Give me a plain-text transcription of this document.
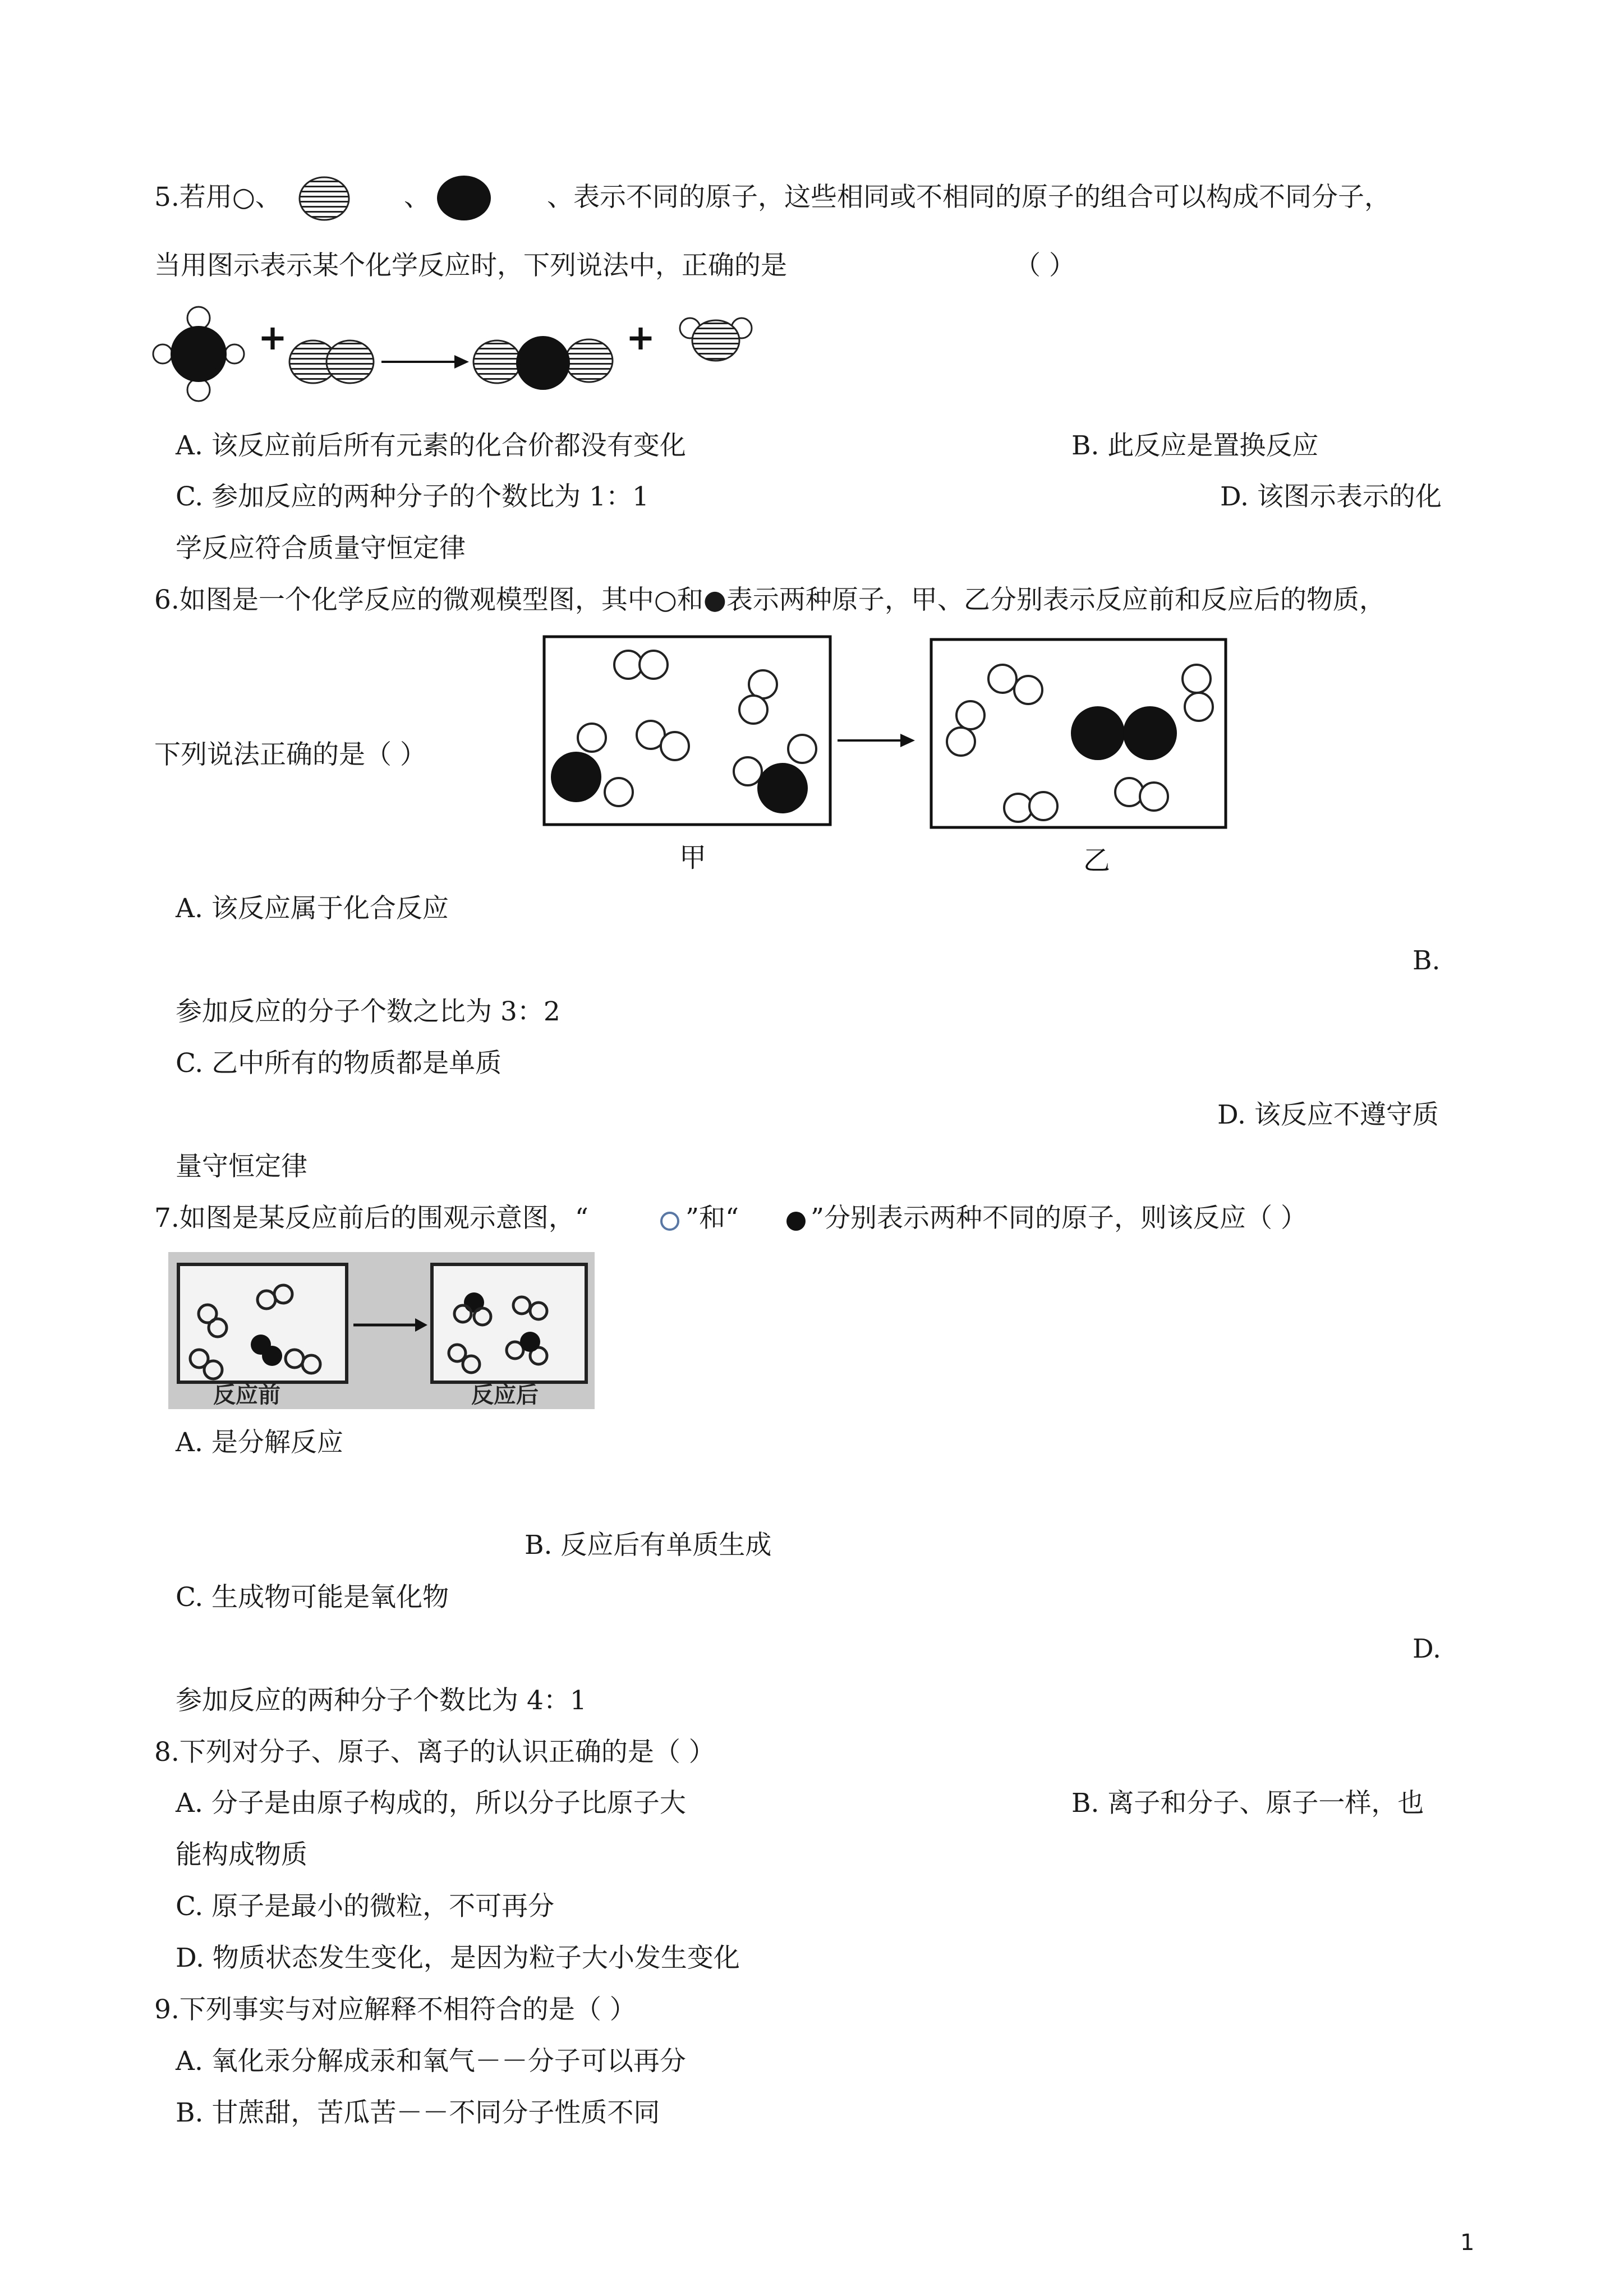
5.若用○、	、	、表示不同的原子，这些相同或不相同的原子的组合可以构成不同分子，
当用图示表示某个化学反应时，下列说法中，正确的是	（ ）
+	+
A. 该反应前后所有元素的化合价都没有变化	B. 此反应是置换反应
C. 参加反应的两种分子的个数比为 1：1	D. 该图示表示的化
学反应符合质量守恒定律
6.如图是一个化学反应的微观模型图，其中○和●表示两种原子，甲、乙分别表示反应前和反应后的物质，
下列说法正确的是（ ）
甲	乙
A. 该反应属于化合反应
B.
参加反应的分子个数之比为 3：2
C. 乙中所有的物质都是单质
D. 该反应不遵守质
量守恒定律
7.如图是某反应前后的围观示意图，“	”和“	”分别表示两种不同的原子，则该反应（ ）
反应前	反应后
A. 是分解反应
B. 反应后有单质生成
C. 生成物可能是氧化物
D.
参加反应的两种分子个数比为 4：1
8.下列对分子、原子、离子的认识正确的是（ ）
A. 分子是由原子构成的，所以分子比原子大	B. 离子和分子、原子一样，也
能构成物质
C. 原子是最小的微粒，不可再分
D. 物质状态发生变化，是因为粒子大小发生变化
9.下列事实与对应解释不相符合的是（ ）
A. 氧化汞分解成汞和氧气－－分子可以再分
B. 甘蔗甜，苦瓜苦－－不同分子性质不同
1
